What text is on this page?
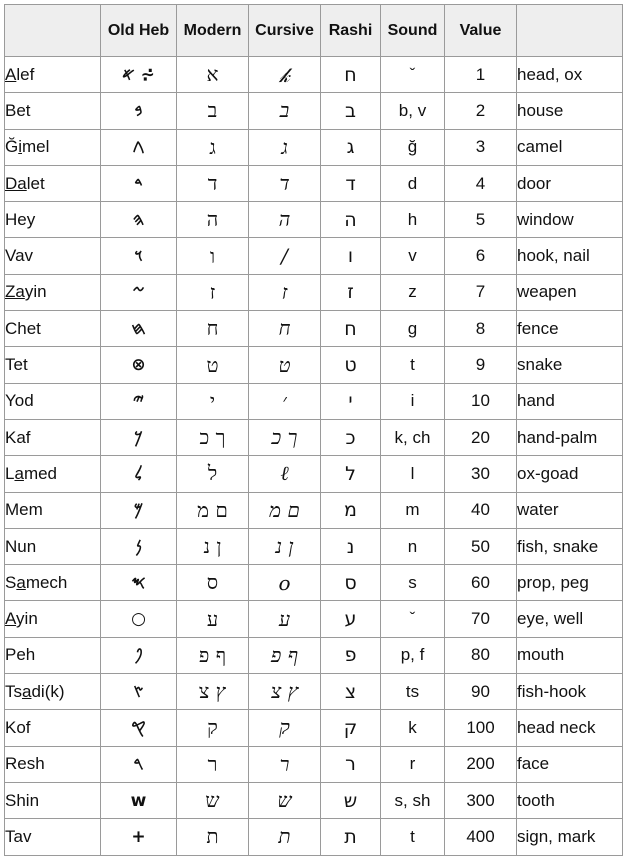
	Old Heb	Modern	Cursive	Rashi	Sound	Value	
Alef	𐤀 ⩫	א	𝓀	ח	ˇ	1	head, ox
Bet	𐤁	ב	ב	ב	b, v	2	house
Ğimel	𐤂	ג	ג	ג	ğ	3	camel
Dalet	𐤃	ד	ד	ד	d	4	door
Hey	𐤄	ה	ה	ה	h	5	window
Vav	𐤅	ו	/	ו	v	6	hook, nail
Zayin	𐤆	ז	ז	ז	z	7	weapen
Chet	𐤇	ח	ח	ח	g	8	fence
Tet	⊗	ט	ט	ט	t	9	snake
Yod	𐤉	י	׳	י	i	10	hand
Kaf	𐤊	ך כ	ך כ	כ	k, ch	20	hand-palm
Lamed	𐤋	ל	ℓ	ל	l	30	ox-goad
Mem	𐤌	ם מ	ם מ	מ	m	40	water
Nun	𐤍	ן נ	ן נ	נ	n	50	fish, snake
Samech	𐤎	ס	o	ס	s	60	prop, peg
Ayin	○	ע	ע	ע	ˇ	70	eye, well
Peh	𐤐	ף פ	ף פ	פ	p, f	80	mouth
Tsadi(k)	𐤑	ץ צ	ץ צ	צ	ts	90	fish-hook
Kof	𐤒	ק	ק	ק	k	100	head neck
Resh	𐤓	ר	ר	ר	r	200	face
Shin	w	ש	ש	ש	s, sh	300	tooth
Tav	+	ת	ת	ת	t	400	sign, mark
